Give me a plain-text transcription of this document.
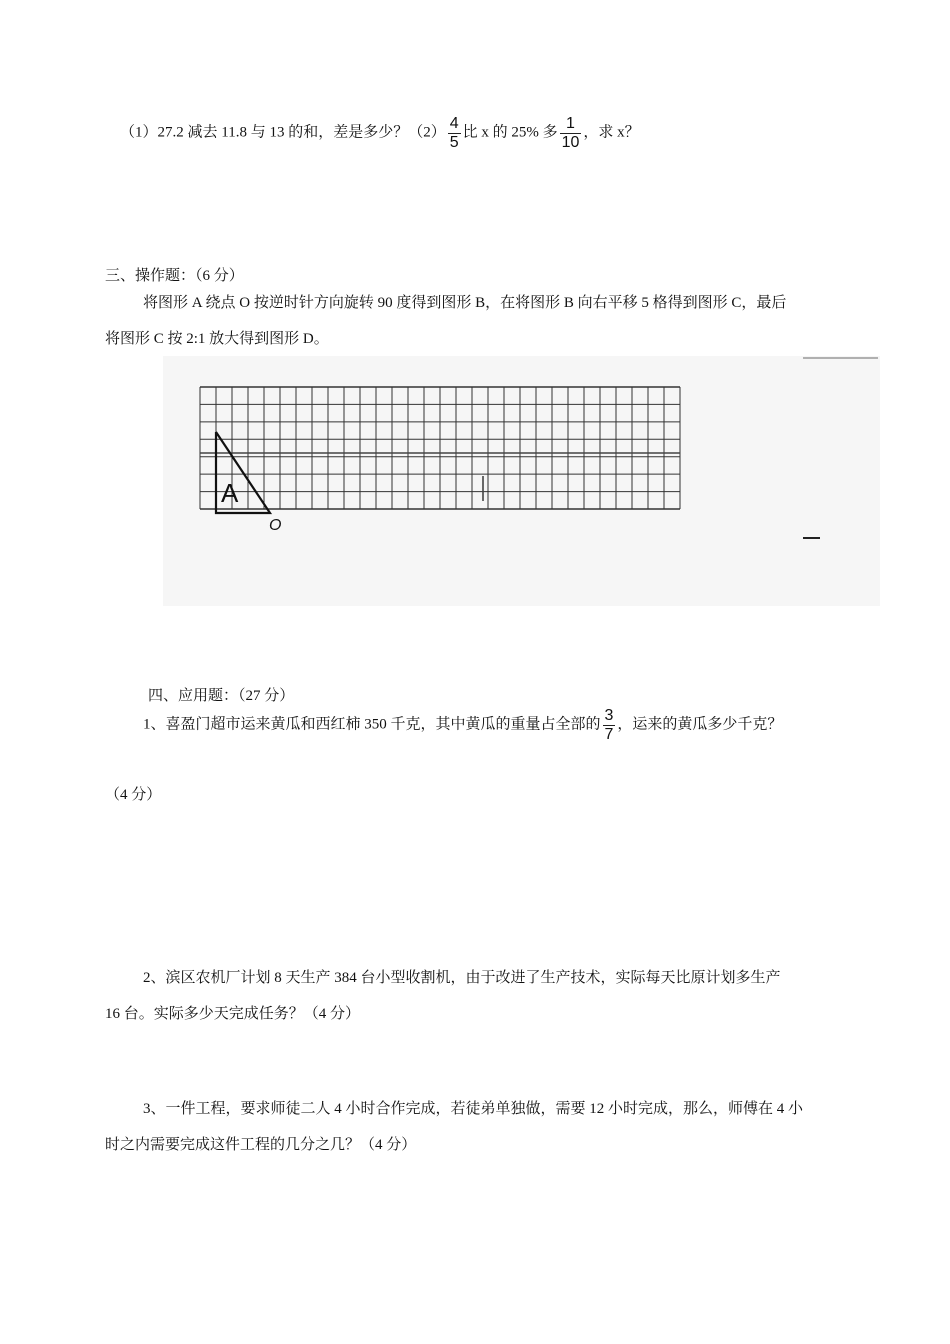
（1）27.2 减去 11.8 与 13 的和，差是多少？$(2) \frac{4}{5}$ 比 x 的 25% 多 $\frac{1}{10}$ ，求 x？
三、操作题：（6 分）
将图形 A 绕点 O 按逆时针方向旋转 90 度得到图形 B，在将图形 B 向右平移 5 格得到图形 C，最后
将图形 C 按 2:1 放大得到图形 D。
A
O
四、应用题：（27 分）
1、喜盈门超市运来黄瓜和西红柿 350 千克，其中黄瓜的重量占全部的 $\frac{3}{7}$ ，运来的黄瓜多少千克？
（4 分）
2、滨区农机厂计划 8 天生产 384 台小型收割机，由于改进了生产技术，实际每天比原计划多生产
16 台。实际多少天完成任务？（4 分）
3、一件工程，要求师徒二人 4 小时合作完成，若徒弟单独做，需要 12 小时完成，那么，师傅在 4 小
时之内需要完成这件工程的几分之几？（4 分）
